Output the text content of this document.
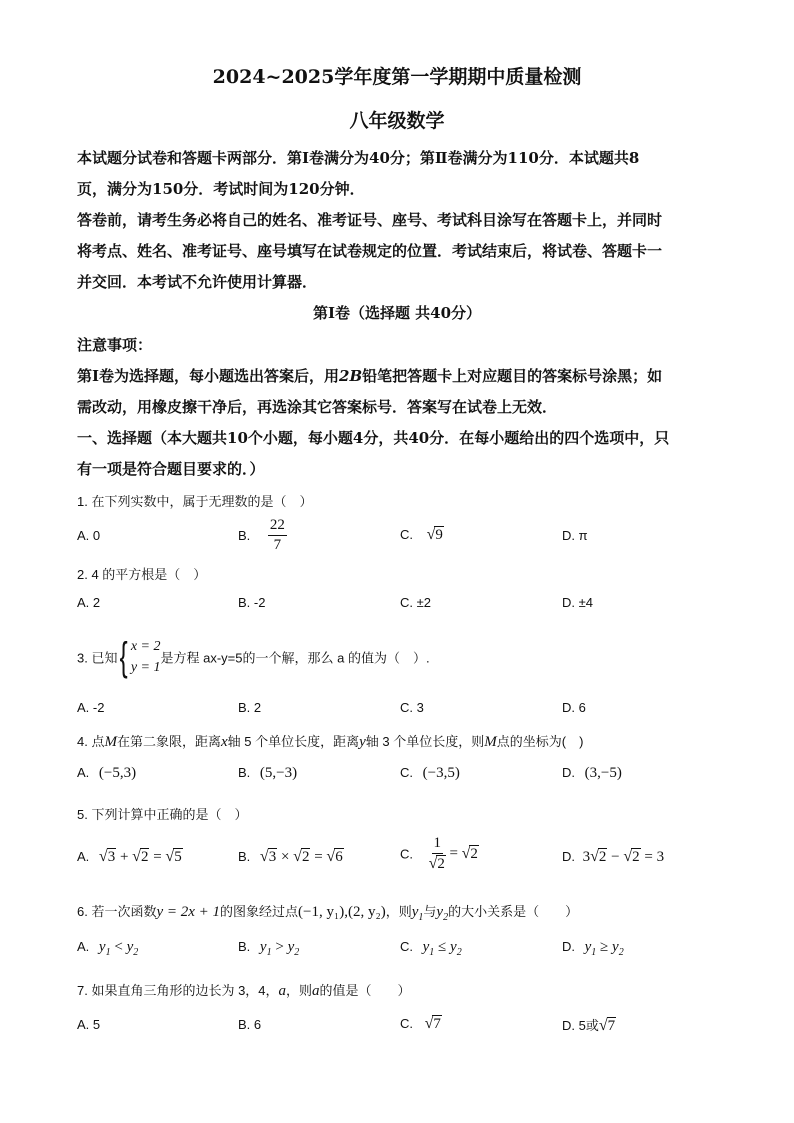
2024~2025学年度第一学期期中质量检测
八年级数学
本试题分试卷和答题卡两部分．第Ⅰ卷满分为40分；第Ⅱ卷满分为110分．本试题共8
页，满分为150分．考试时间为120分钟．
答卷前，请考生务必将自己的姓名、准考证号、座号、考试科目涂写在答题卡上，并同时
将考点、姓名、准考证号、座号填写在试卷规定的位置．考试结束后，将试卷、答题卡一
并交回．本考试不允许使用计算器．
第Ⅰ卷（选择题 共40分）
注意事项：
第Ⅰ卷为选择题，每小题选出答案后，用2B铅笔把答题卡上对应题目的答案标号涂黑；如
需改动，用橡皮擦干净后，再选涂其它答案标号．答案写在试卷上无效．
一、选择题（本大题共10个小题，每小题4分，共40分．在每小题给出的四个选项中，只
有一项是符合题目要求的．）
1. 在下列实数中，属于无理数的是（　）
A. 0	B. $\frac{22}{7}$	C. √9	D. π
2. 4 的平方根是（　）
A. 2	B. -2	C. ±2	D. ±4
3. 已知{ x = 2
y = 1
是方程 ax-y=5的一个解，那么 a 的值为（　）.
A. -2	B. 2	C. 3	D. 6
4. 点M在第二象限，距离x轴 5 个单位长度，距离y轴 3 个单位长度，则M点的坐标为(　)
A. (−5,3)	B. (5,−3)	C. (−3,5)	D. (3,−5)
5. 下列计算中正确的是（　）
A. √3 + √2 = √5	B. √3 × √2 = √6	C. $\frac{1}{√2} = √2$	D. 3√2 − √2 = 3
6. 若一次函数y = 2x + 1的图象经过点(−1, y₁),(2, y₂)，则$y_1$与$y_2$的大小关系是（　　）
A. $y_1 < y_2$	B. $y_1 > y_2$	C. $y_1 \le y_2$	D. $y_1 \ge y_2$
7. 如果直角三角形的边长为 3，4，a，则a的值是（　　）
A. 5	B. 6	C. √7	D. 5或√7
